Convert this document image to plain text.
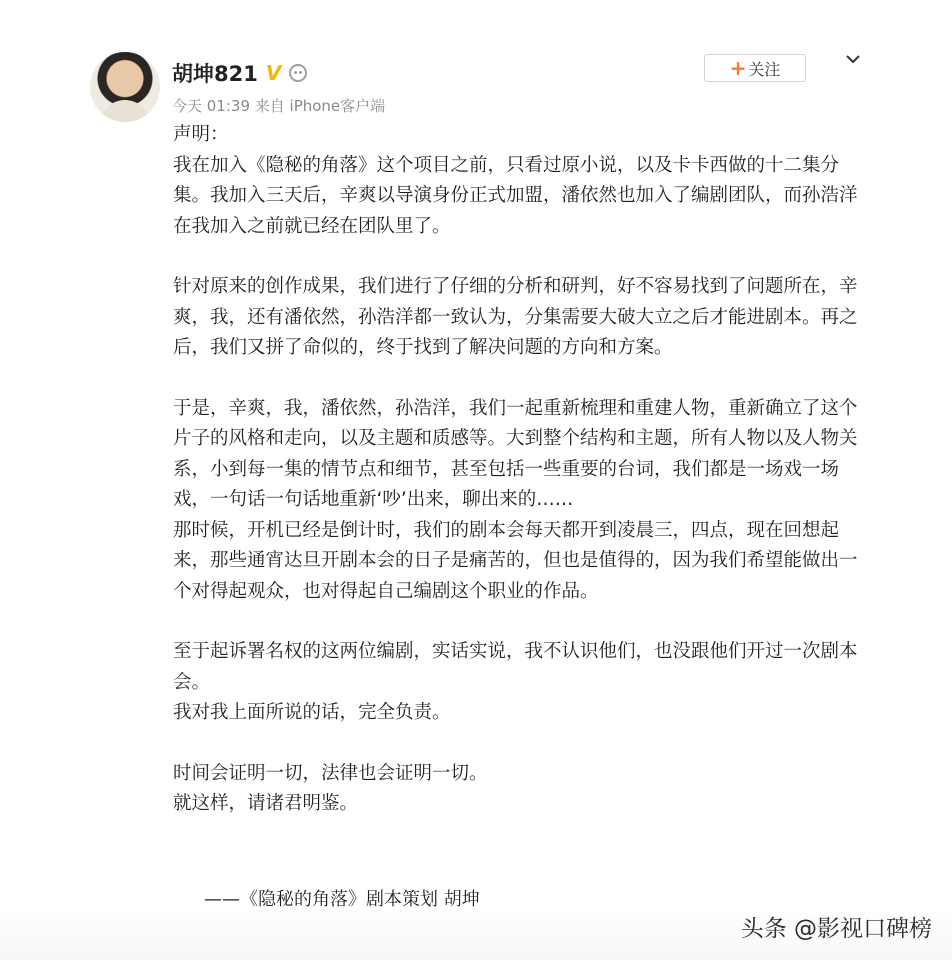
胡坤821 V
今天 01:39 来自 iPhone客户端
+ 关注

声明：

我在加入《隐秘的角落》这个项目之前，只看过原小说，以及卡卡西做的十二集分集。我加入三天后，辛爽以导演身份正式加盟，潘依然也加入了编剧团队，而孙浩洋在我加入之前就已经在团队里了。

针对原来的创作成果，我们进行了仔细的分析和研判，好不容易找到了问题所在，辛爽，我，还有潘依然，孙浩洋都一致认为，分集需要大破大立之后才能进剧本。再之后，我们又拼了命似的，终于找到了解决问题的方向和方案。

于是，辛爽，我，潘依然，孙浩洋，我们一起重新梳理和重建人物，重新确立了这个片子的风格和走向，以及主题和质感等。大到整个结构和主题，所有人物以及人物关系，小到每一集的情节点和细节，甚至包括一些重要的台词，我们都是一场戏一场戏，一句话一句话地重新‘吵’出来，聊出来的……

那时候，开机已经是倒计时，我们的剧本会每天都开到凌晨三，四点，现在回想起来，那些通宵达旦开剧本会的日子是痛苦的，但也是值得的，因为我们希望能做出一个对得起观众，也对得起自己编剧这个职业的作品。

至于起诉署名权的这两位编剧，实话实说，我不认识他们，也没跟他们开过一次剧本会。

我对我上面所说的话，完全负责。

时间会证明一切，法律也会证明一切。

就这样，请诸君明鉴。

——《隐秘的角落》剧本策划 胡坤
头条 @影视口碑榜
